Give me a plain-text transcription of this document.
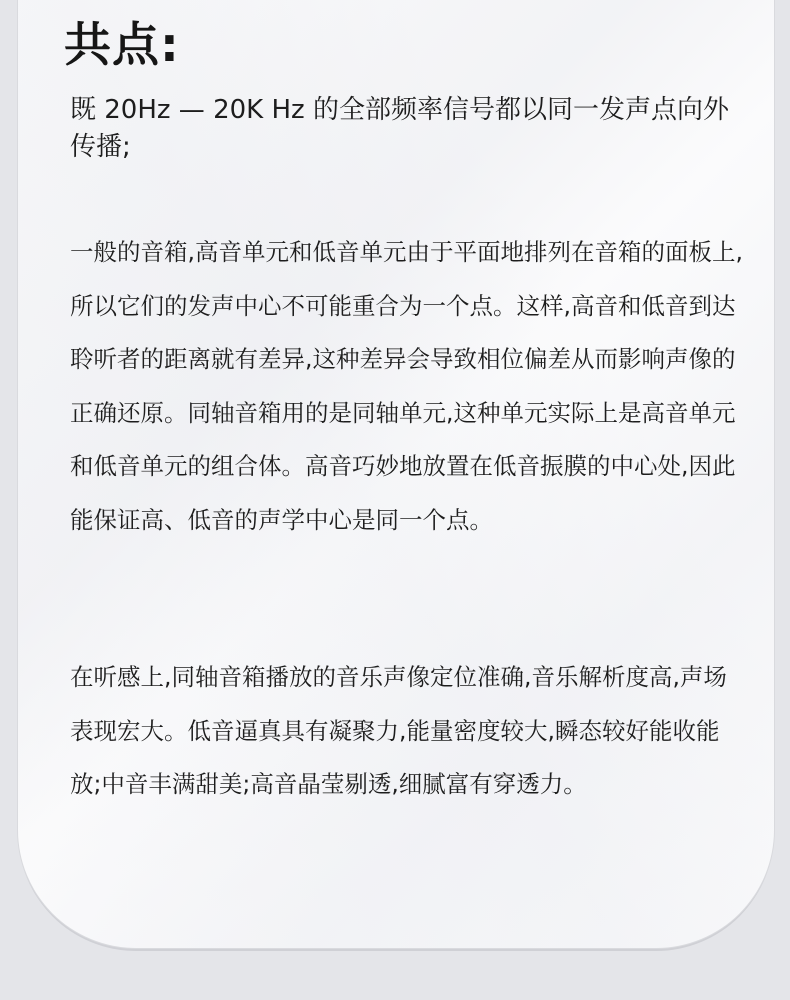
共点:

既 20Hz — 20K Hz 的全部频率信号都以同一发声点向外传播;

一般的音箱,高音单元和低音单元由于平面地排列在音箱的面板上,所以它们的发声中心不可能重合为一个点。这样,高音和低音到达聆听者的距离就有差异,这种差异会导致相位偏差从而影响声像的正确还原。同轴音箱用的是同轴单元,这种单元实际上是高音单元和低音单元的组合体。高音巧妙地放置在低音振膜的中心处,因此能保证高、低音的声学中心是同一个点。

在听感上,同轴音箱播放的音乐声像定位准确,音乐解析度高,声场表现宏大。低音逼真具有凝聚力,能量密度较大,瞬态较好能收能放;中音丰满甜美;高音晶莹剔透,细腻富有穿透力。
